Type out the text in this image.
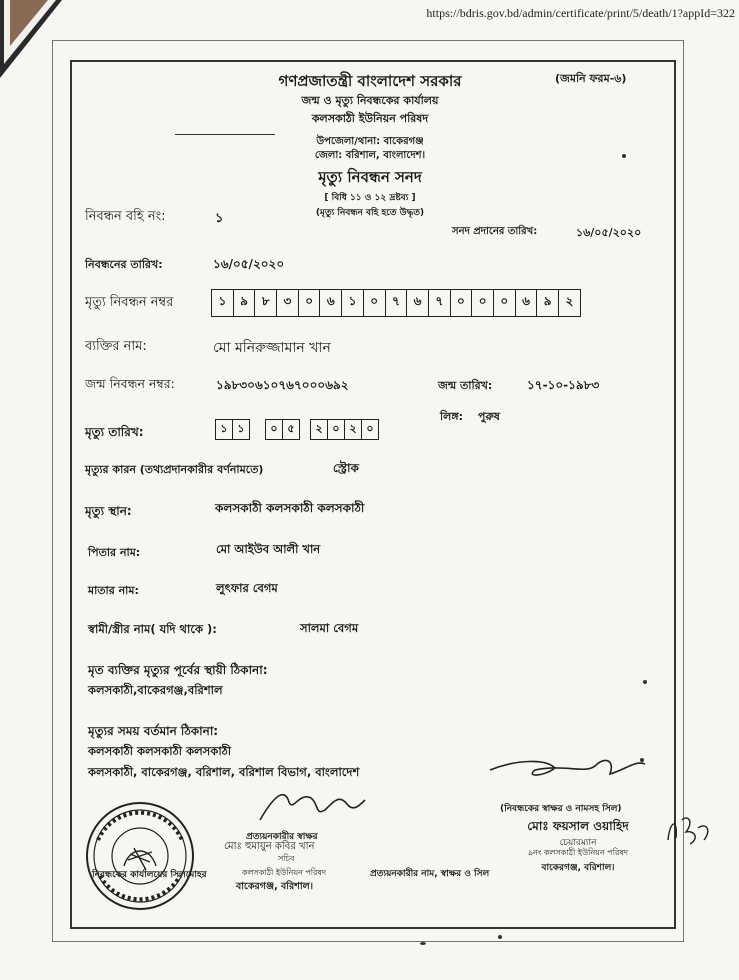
https://bdris.gov.bd/admin/certificate/print/5/death/1?appId=322
গণপ্রজাতন্ত্রী বাংলাদেশ সরকার	(জমনি ফরম-৬)
জন্ম ও মৃত্যু নিবন্ধকের কার্যালয়
কলসকাঠী ইউনিয়ন পরিষদ
উপজেলা/থানা: বাকেরগঞ্জ
জেলা: বরিশাল, বাংলাদেশ।
মৃত্যু নিবন্ধন সনদ
[ বিধি ১১ ও ১২ দ্রষ্টব্য ]
(মৃত্যু নিবন্ধন বহি হতে উদ্ধৃত)
নিবন্ধন বহি নং:	১
সনদ প্রদানের তারিখ:	১৬/০৫/২০২০
নিবন্ধনের তারিখ:	১৬/০৫/২০২০
মৃত্যু নিবন্ধন নম্বর	১	৯	৮	৩	০	৬	১	০	৭	৬	৭	০	০	০	৬	৯	২
ব্যক্তির নাম:	মো মনিরুজ্জামান খান
জন্ম নিবন্ধন নম্বর:	১৯৮৩০৬১০৭৬৭০০০৬৯২	জন্ম তারিখ:	১৭-১০-১৯৮৩
লিঙ্গ: পুরুষ
মৃত্যু তারিখ:	১ ১	০ ৫	২ ০ ২ ০
মৃত্যুর কারন (তথ্যপ্রদানকারীর বর্ণনামতে)	স্ট্রোক
মৃত্যু স্থান:	কলসকাঠী কলসকাঠী কলসকাঠী
পিতার নাম:	মো আইউব আলী খান
মাতার নাম:	লুৎফার বেগম
স্বামী/স্ত্রীর নাম( যদি থাকে ):	সালমা বেগম
মৃত ব্যক্তির মৃত্যুর পূর্বের স্থায়ী ঠিকানা:
কলসকাঠী,বাকেরগঞ্জ,বরিশাল
মৃত্যুর সময় বর্তমান ঠিকানা:
কলসকাঠী কলসকাঠী কলসকাঠী
কলসকাঠী, বাকেরগঞ্জ, বরিশাল, বরিশাল বিভাগ, বাংলাদেশ
(নিবন্ধকের স্বাক্ষর ও নামসহ সিল)
মোঃ ফয়সাল ওয়াহিদ
চেয়ারম্যান
৯নং কলসকাঠী ইউনিয়ন পরিষদ
বাকেরগঞ্জ, বরিশাল।
প্রত্যয়নকারীর স্বাক্ষর
মোঃ হুমায়ুন কবির খান
সচিব
নিবন্ধকের কার্যালয়ের সিলমোহর	কলসকাঠী ইউনিয়ন পরিষদ	প্রত্যয়নকারীর নাম, স্বাক্ষর ও সিল
বাকেরগঞ্জ, বরিশাল।
